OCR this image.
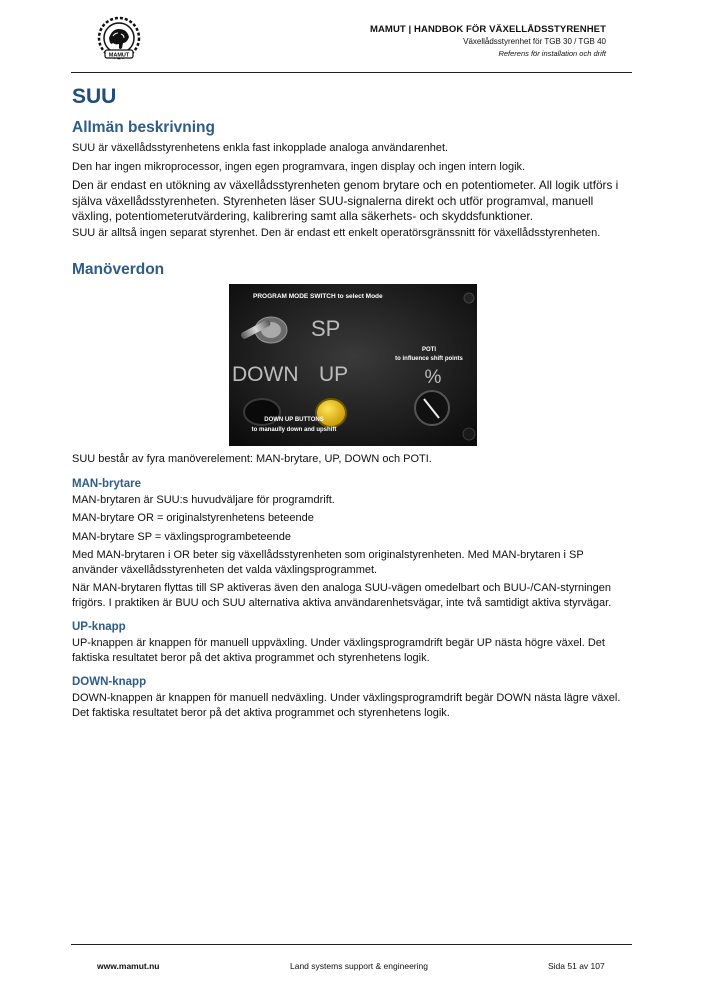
MAMUT
MAMUT | HANDBOK FÖR VÄXELLÅDSSTYRENHET
Växellådsstyrenhet för TGB 30 / TGB 40
Referens för installation och drift
SUU
Allmän beskrivning

SUU är växellådsstyrenhetens enkla fast inkopplade analoga användarenhet.

Den har ingen mikroprocessor, ingen egen programvara, ingen display och ingen intern logik.

Den är endast en utökning av växellådsstyrenheten genom brytare och en potentiometer. All logik utförs i själva växellådsstyrenheten. Styrenheten läser SUU-signalerna direkt och utför programval, manuell växling, potentiometerutvärdering, kalibrering samt alla säkerhets- och skyddsfunktioner.

SUU är alltså ingen separat styrenhet. Den är endast ett enkelt operatörsgränssnitt för växellådsstyrenheten.

Manöverdon
PROGRAM MODE SWITCH to select Mode
SP
DOWN UP
POTI
to influence shift points
%
DOWN UP BUTTONS
to manaully down and upshift

SUU består av fyra manöverelement: MAN-brytare, UP, DOWN och POTI.

MAN-brytare

MAN-brytaren är SUU:s huvudväljare för programdrift.

MAN-brytare OR = originalstyrenhetens beteende

MAN-brytare SP = växlingsprogrambeteende

Med MAN-brytaren i OR beter sig växellådsstyrenheten som originalstyrenheten. Med MAN-brytaren i SP använder växellådsstyrenheten det valda växlingsprogrammet.

När MAN-brytaren flyttas till SP aktiveras även den analoga SUU-vägen omedelbart och BUU-/CAN-styrningen frigörs. I praktiken är BUU och SUU alternativa aktiva användarenhetsvägar, inte två samtidigt aktiva styrvägar.

UP-knapp

UP-knappen är knappen för manuell uppväxling. Under växlingsprogramdrift begär UP nästa högre växel. Det faktiska resultatet beror på det aktiva programmet och styrenhetens logik.

DOWN-knapp

DOWN-knappen är knappen för manuell nedväxling. Under växlingsprogramdrift begär DOWN nästa lägre växel. Det faktiska resultatet beror på det aktiva programmet och styrenhetens logik.

www.mamut.nu	Land systems support & engineering	Sida 51 av 107
